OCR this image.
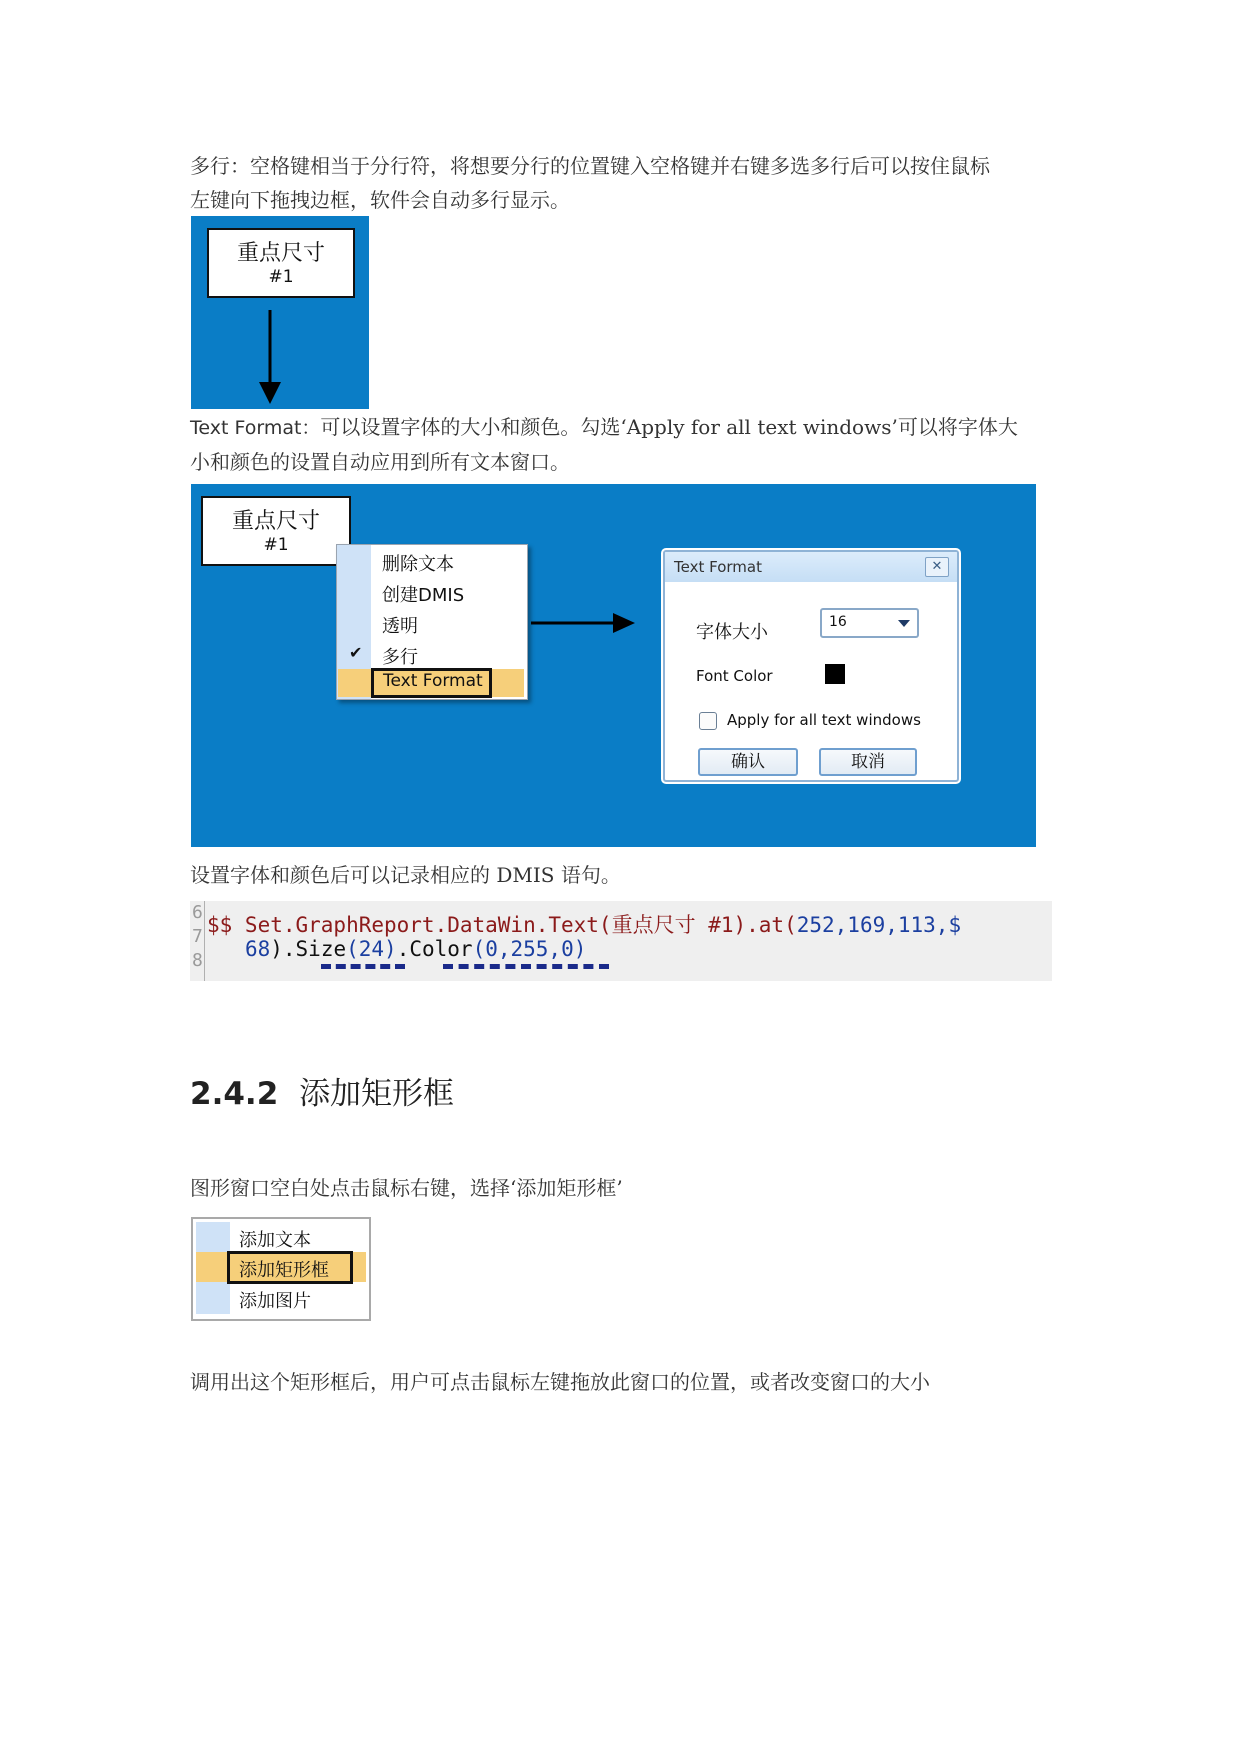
多行：空格键相当于分行符，将想要分行的位置键入空格键并右键多选多行后可以按住鼠标
左键向下拖拽边框，软件会自动多行显示。
重点尺寸
#1
Text Format：可以设置字体的大小和颜色。勾选‘Apply for all text windows’可以将字体大
小和颜色的设置自动应用到所有文本窗口。
重点尺寸
#1
删除文本
创建DMIS
透明
✔ 多行
Text Format
Text Format	✕
字体大小	16
Font Color
Apply for all text windows
确认	取消
设置字体和颜色后可以记录相应的 DMIS 语句。
6
7
8
$$ Set.GraphReport.DataWin.Text(重点尺寸 #1).at(252,169,113,$
68).Size(24).Color(0,255,0)
2.4.2 添加矩形框
图形窗口空白处点击鼠标右键，选择‘添加矩形框’
添加文本
添加矩形框
添加图片
调用出这个矩形框后，用户可点击鼠标左键拖放此窗口的位置，或者改变窗口的大小
